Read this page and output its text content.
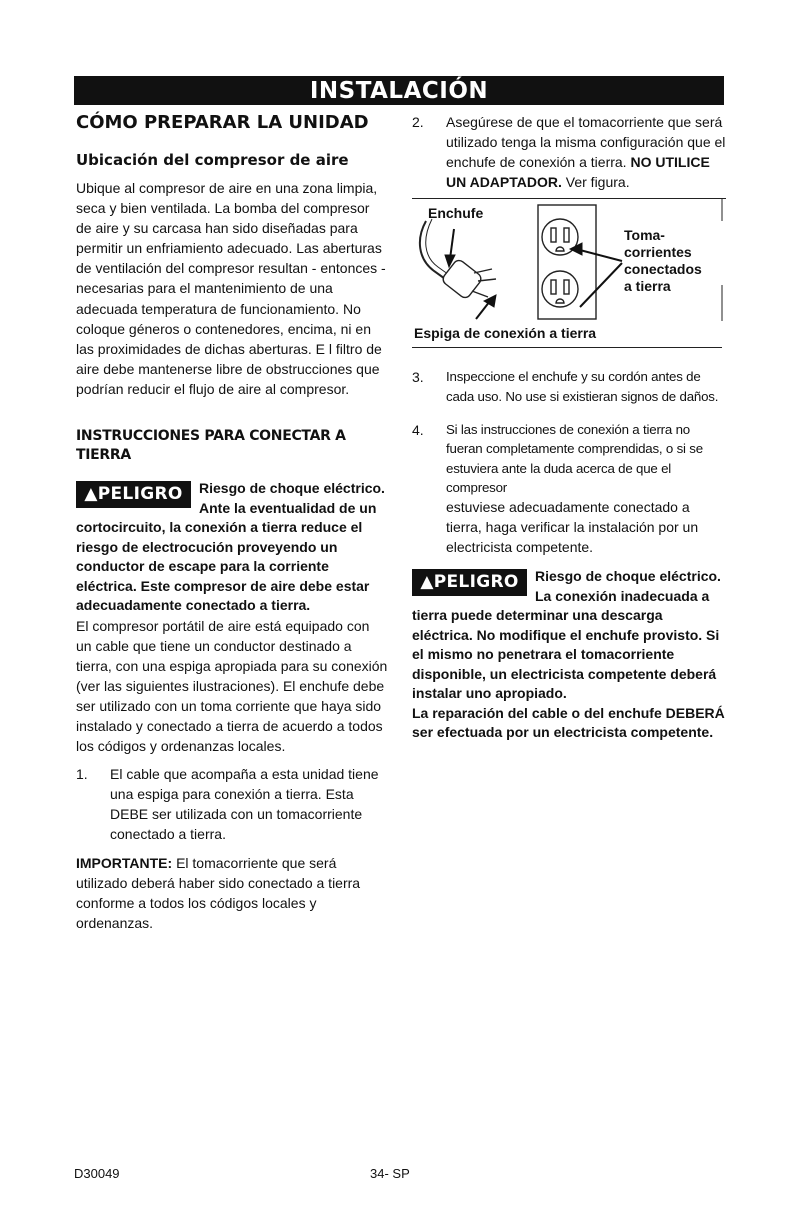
INSTALACIÓN
CÓMO PREPARAR LA UNIDAD
Ubicación del compresor de aire

Ubique al compresor de aire en una zona limpia, seca y bien ventilada. La bomba del compresor de aire y su carcasa han sido diseñadas para permitir un enfriamiento adecuado. Las aberturas de ventilación del compresor resultan - entonces - necesarias para el mantenimiento de una adecuada temperatura de funcionamiento. No coloque géneros o contenedores, encima, ni en las proximidades de dichas aberturas. E l filtro de aire debe mantenerse libre de obstrucciones que podrían reducir el flujo de aire al compresor.

INSTRUCCIONES PARA CONECTAR A TIERRA
▲PELIGRO	Riesgo de choque eléctrico. Ante la eventualidad de un cortocircuito, la conexión a tierra reduce el riesgo de electrocución proveyendo un conductor de escape para la corriente eléctrica. Este compresor de aire debe estar adecuadamente conectado a tierra.

El compresor portátil de aire está equipado con un cable que tiene un conductor destinado a tierra, con una espiga apropiada para su conexión (ver las siguientes ilustraciones). El enchufe debe ser utilizado con un toma corriente que haya sido instalado y conectado a tierra de acuerdo a todos los códigos y ordenanzas locales.

1.	El cable que acompaña a esta unidad tiene una espiga para conexión a tierra. Esta DEBE ser utilizada con un tomacorriente conectado a tierra.

IMPORTANTE: El tomacorriente que será utilizado deberá haber sido conectado a tierra conforme a todos los códigos locales y ordenanzas.

2.	Asegúrese de que el tomacorriente que será utilizado tenga la misma configuración que el enchufe de conexión a tierra. NO UTILICE UN ADAPTADOR. Ver figura.
Enchufe
Toma-
corrientes
conectados
a tierra
Espiga de conexión a tierra
3.	Inspeccione el enchufe y su cordón antes de cada uso. No use si existieran signos de daños.
4.	Si las instrucciones de conexión a tierra no fueran completamente comprendidas, o si se estuviera ante la duda acerca de que el compresor
estuviese adecuadamente conectado a tierra, haga verificar la instalación por un electricista competente.
▲PELIGRO	Riesgo de choque eléctrico. La conexión inadecuada a tierra puede determinar una descarga eléctrica. No modifique el enchufe provisto. Si el mismo no penetrara el tomacorriente disponible, un electricista competente deberá instalar uno apropiado.

La reparación del cable o del enchufe DEBERÁ ser efectuada por un electricista competente.

D30049	34- SP
